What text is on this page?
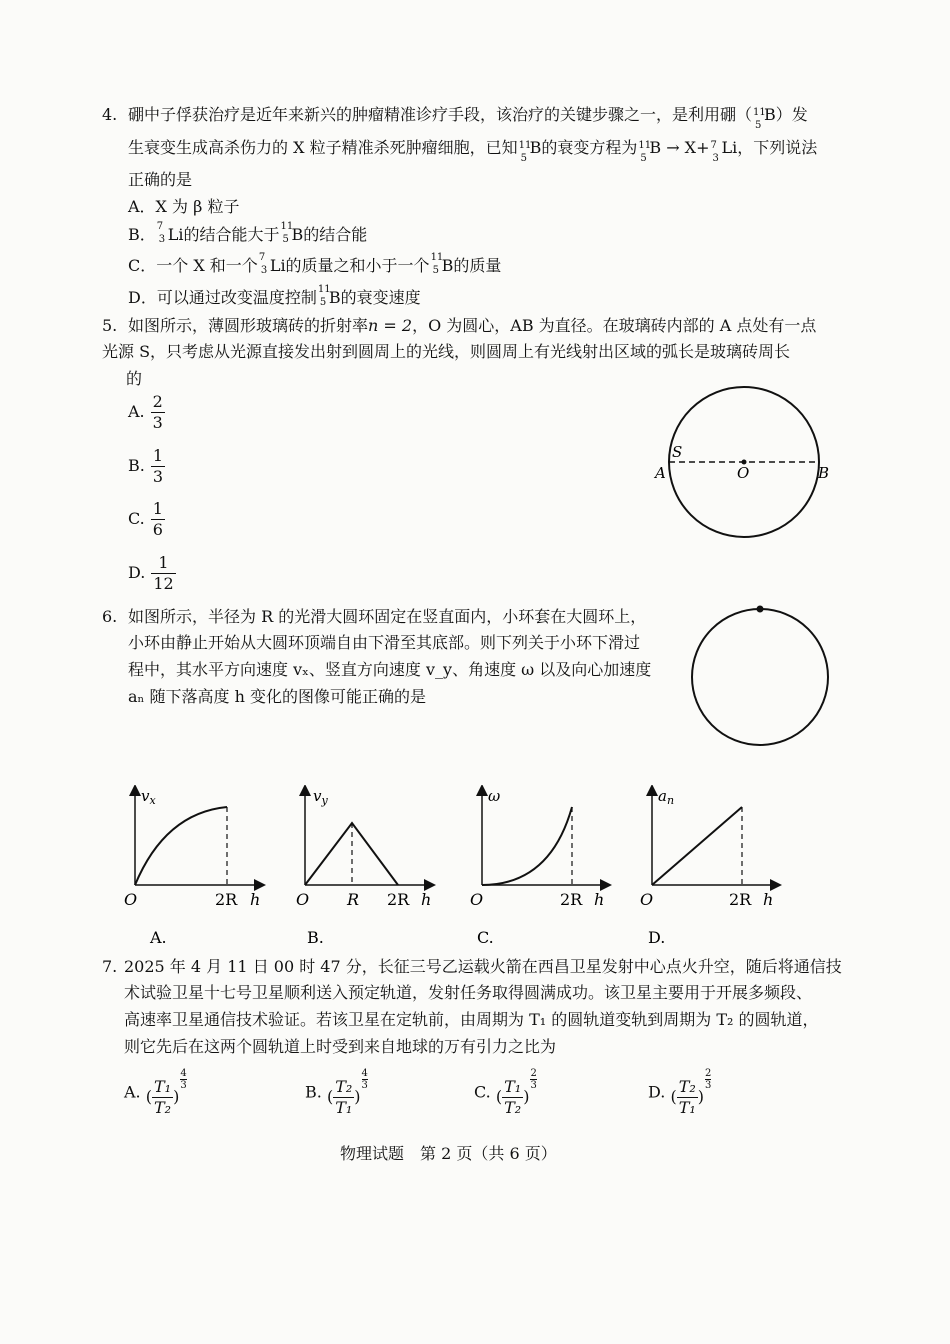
4. 硼中子俘获治疗是近年来新兴的肿瘤精准诊疗手段，该治疗的关键步骤之一，是利用硼（ 11
5
B）发
生衰变生成高杀伤力的 X 粒子精准杀死肿瘤细胞，已知 11
5
B的衰变方程为 11
5
B → X+ 7
3
Li，下列说法
正确的是
A．X 为 β 粒子
B． 7
3 Li的结合能大于 11
5 B的结合能
C．一个 X 和一个 7
3 Li的质量之和小于一个 11
5 B的质量
D．可以通过改变温度控制 11
5 B的衰变速度
5. 如图所示，薄圆形玻璃砖的折射率n = 2，O 为圆心，AB 为直径。在玻璃砖内部的 A 点处有一点
光源 S，只考虑从光源直接发出射到圆周上的光线，则圆周上有光线射出区域的弧长是玻璃砖周长
的
A. $\frac{2}{3}$
B. $\frac{1}{3}$
C. $\frac{1}{6}$
D. $\frac{1}{12}$
S
A	O	B
6. 如图所示，半径为 R 的光滑大圆环固定在竖直面内，小环套在大圆环上，
小环由静止开始从大圆环顶端自由下滑至其底部。则下列关于小环下滑过
程中，其水平方向速度 vₓ、竖直方向速度 v_y、角速度 ω 以及向心加速度
aₙ 随下落高度 h 变化的图像可能正确的是
$v_x$
O	2R h
A.
$v_y$
O R 2R h
B.
ω
O	2R h
C.
$a_n$
O	2R h
D.
7. 2025 年 4 月 11 日 00 时 47 分，长征三号乙运载火箭在西昌卫星发射中心点火升空，随后将通信技
术试验卫星十七号卫星顺利送入预定轨道，发射任务取得圆满成功。该卫星主要用于开展多频段、
高速率卫星通信技术验证。若该卫星在定轨前，由周期为 T₁ 的圆轨道变轨到周期为 T₂ 的圆轨道，
则它先后在这两个圆轨道上时受到来自地球的万有引力之比为
A. ( $\frac{\text{T₁}}{\text{T₂}}$ )
$\frac{4}{3}$
B. ( $\frac{\text{T₂}}{\text{T₁}}$ )
$\frac{4}{3}$
C. ( $\frac{\text{T₁}}{\text{T₂}}$ )
$\frac{2}{3}$
D. ( $\frac{\text{T₂}}{\text{T₁}}$ )
$\frac{2}{3}$
物理试题　第 2 页（共 6 页）
